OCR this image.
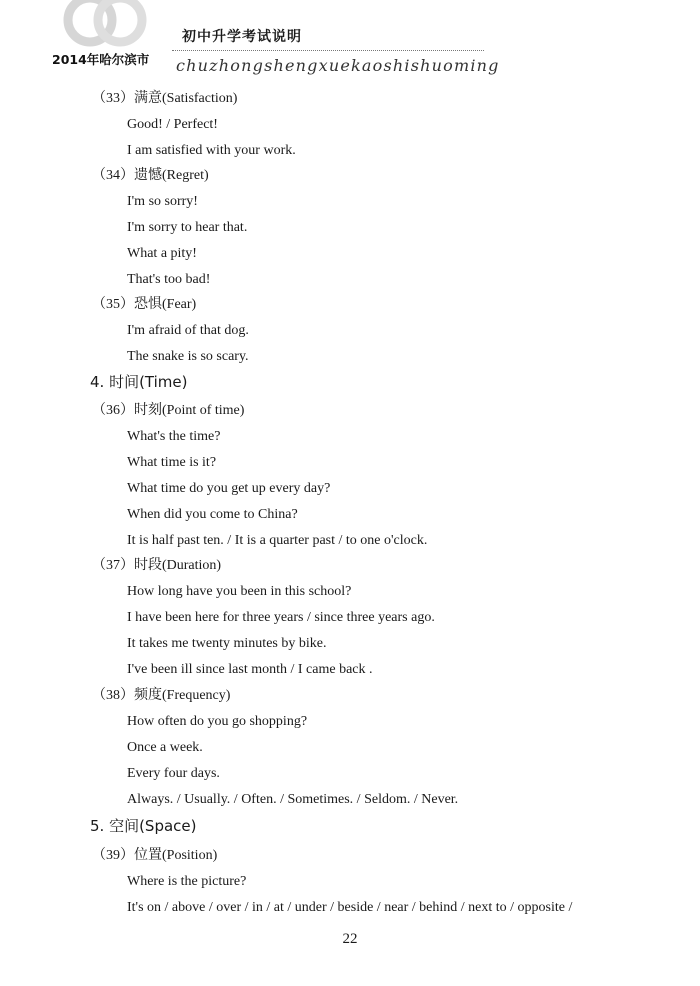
初中升学考试说明
2014年哈尔滨市 chuzhongshengxuekaoshishuoming
（33）满意(Satisfaction)
Good! / Perfect!
I am satisfied with your work.
（34）遗憾(Regret)
I'm so sorry!
I'm sorry to hear that.
What a pity!
That's too bad!
（35）恐惧(Fear)
I'm afraid of that dog.
The snake is so scary.
4. 时间(Time)
（36）时刻(Point of time)
What's the time?
What time is it?
What time do you get up every day?
When did you come to China?
It is half past ten. / It is a quarter past / to one o'clock.
（37）时段(Duration)
How long have you been in this school?
I have been here for three years / since three years ago.
It takes me twenty minutes by bike.
I've been ill since last month / I came back .
（38）频度(Frequency)
How often do you go shopping?
Once a week.
Every four days.
Always. / Usually. / Often. / Sometimes. / Seldom. / Never.
5. 空间(Space)
（39）位置(Position)
Where is the picture?
It's on / above / over / in / at / under / beside / near / behind / next to / opposite /
22
